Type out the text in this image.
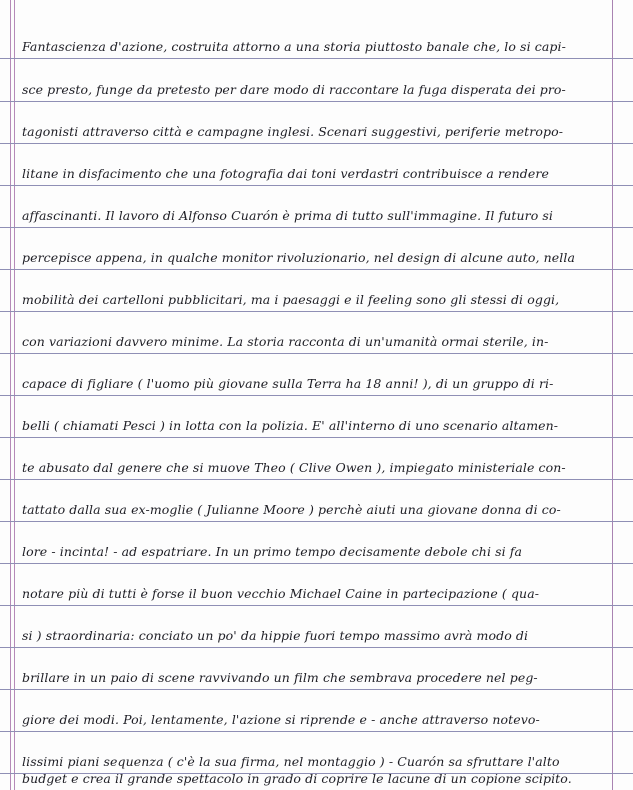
Fantascienza d'azione, costruita attorno a una storia piuttosto banale che, lo si capi-
sce presto, funge da pretesto per dare modo di raccontare la fuga disperata dei pro-
tagonisti attraverso città e campagne inglesi. Scenari suggestivi, periferie metropo-
litane in disfacimento che una fotografia dai toni verdastri contribuisce a rendere
affascinanti. Il lavoro di Alfonso Cuarón è prima di tutto sull'immagine. Il futuro si
percepisce appena, in qualche monitor rivoluzionario, nel design di alcune auto, nella
mobilità dei cartelloni pubblicitari, ma i paesaggi e il feeling sono gli stessi di oggi,
con variazioni davvero minime. La storia racconta di un'umanità ormai sterile, in-
capace di figliare ( l'uomo più giovane sulla Terra ha 18 anni! ), di un gruppo di ri-
belli ( chiamati Pesci ) in lotta con la polizia. E' all'interno di uno scenario altamen-
te abusato dal genere che si muove Theo ( Clive Owen ), impiegato ministeriale con-
tattato dalla sua ex-moglie ( Julianne Moore ) perchè aiuti una giovane donna di co-
lore - incinta! - ad espatriare. In un primo tempo decisamente debole chi si fa
notare più di tutti è forse il buon vecchio Michael Caine in partecipazione ( qua-
si ) straordinaria: conciato un po' da hippie fuori tempo massimo avrà modo di
brillare in un paio di scene ravvivando un film che sembrava procedere nel peg-
giore dei modi. Poi, lentamente, l'azione si riprende e - anche attraverso notevo-
lissimi piani sequenza ( c'è la sua firma, nel montaggio ) - Cuarón sa sfruttare l'alto
budget e crea il grande spettacolo in grado di coprire le lacune di un copione scipito.
